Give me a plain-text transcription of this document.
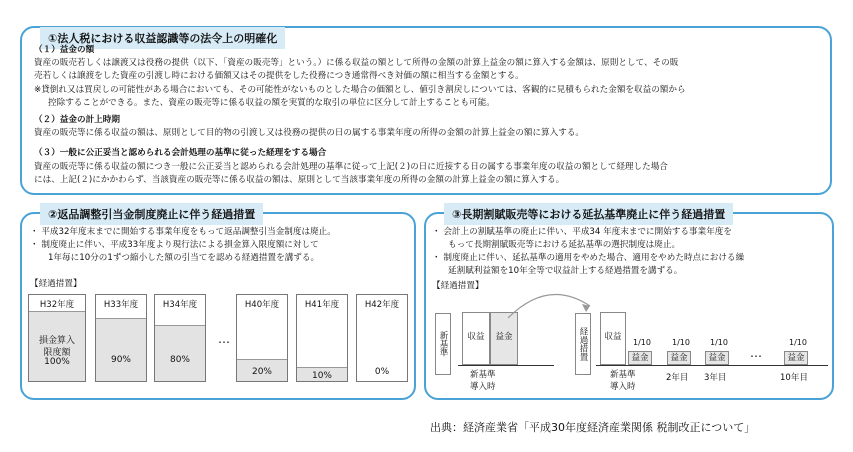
①法人税における収益認識等の法令上の明確化
（１）益金の額
資産の販売若しくは譲渡又は役務の提供（以下、「資産の販売等」という。）に係る収益の額として所得の金額の計算上益金の額に算入する金額は、原則として、その販
売若しくは譲渡をした資産の引渡し時における価額又はその提供をした役務につき通常得べき対価の額に相当する金額とする。
※貸倒れ又は買戻しの可能性がある場合においても、その可能性がないものとした場合の価額とし、値引き割戻しについては、客観的に見積もられた金額を収益の額から
控除することができる。また、資産の販売等に係る収益の額を実質的な取引の単位に区分して計上することも可能。
（２）益金の計上時期
資産の販売等に係る収益の額は、原則として目的物の引渡し又は役務の提供の日の属する事業年度の所得の金額の計算上益金の額に算入する。
（３）一般に公正妥当と認められる会計処理の基準に従った経理をする場合
資産の販売等に係る収益の額につき一般に公正妥当と認められる会計処理の基準に従って上記(２)の日に近接する日の属する事業年度の収益の額として経理した場合
には、上記(２)にかかわらず、当該資産の販売等に係る収益の額は、原則として当該事業年度の所得の金額の計算上益金の額に算入する。
②返品調整引当金制度廃止に伴う経過措置
・ 平成32年度末までに開始する事業年度をもって返品調整引当金制度は廃止。
・ 制度廃止に伴い、平成33年度より現行法による損金算入限度額に対して
1年毎に10分の1ずつ縮小した額の引当てを認める経過措置を講ずる。
【経過措置】
H32年度
損金算入
限度額
100%
H33年度
90%
H34年度
80%
…
H40年度
20%
H41年度
10%
H42年度
0%
③長期割賦販売等における延払基準廃止に伴う経過措置
・ 会計上の割賦基準の廃止に伴い、平成34 年度末までに開始する事業年度を
もって長期割賦販売等における延払基準の選択制度は廃止。
・ 制度廃止に伴い、延払基準の適用をやめた場合、適用をやめた時点における繰
延割賦利益額を10年全等で収益計上する経過措置を講ずる。
【経過措置】
新基準	収益	益金
新基準
導入時
経過措置	収益
1/10
益金
1/10
益金
1/10
益金 …
1/10
益金
新基準
導入時
2年目 3年目	10年目
出典：経済産業省「平成30年度経済産業関係 税制改正について」
